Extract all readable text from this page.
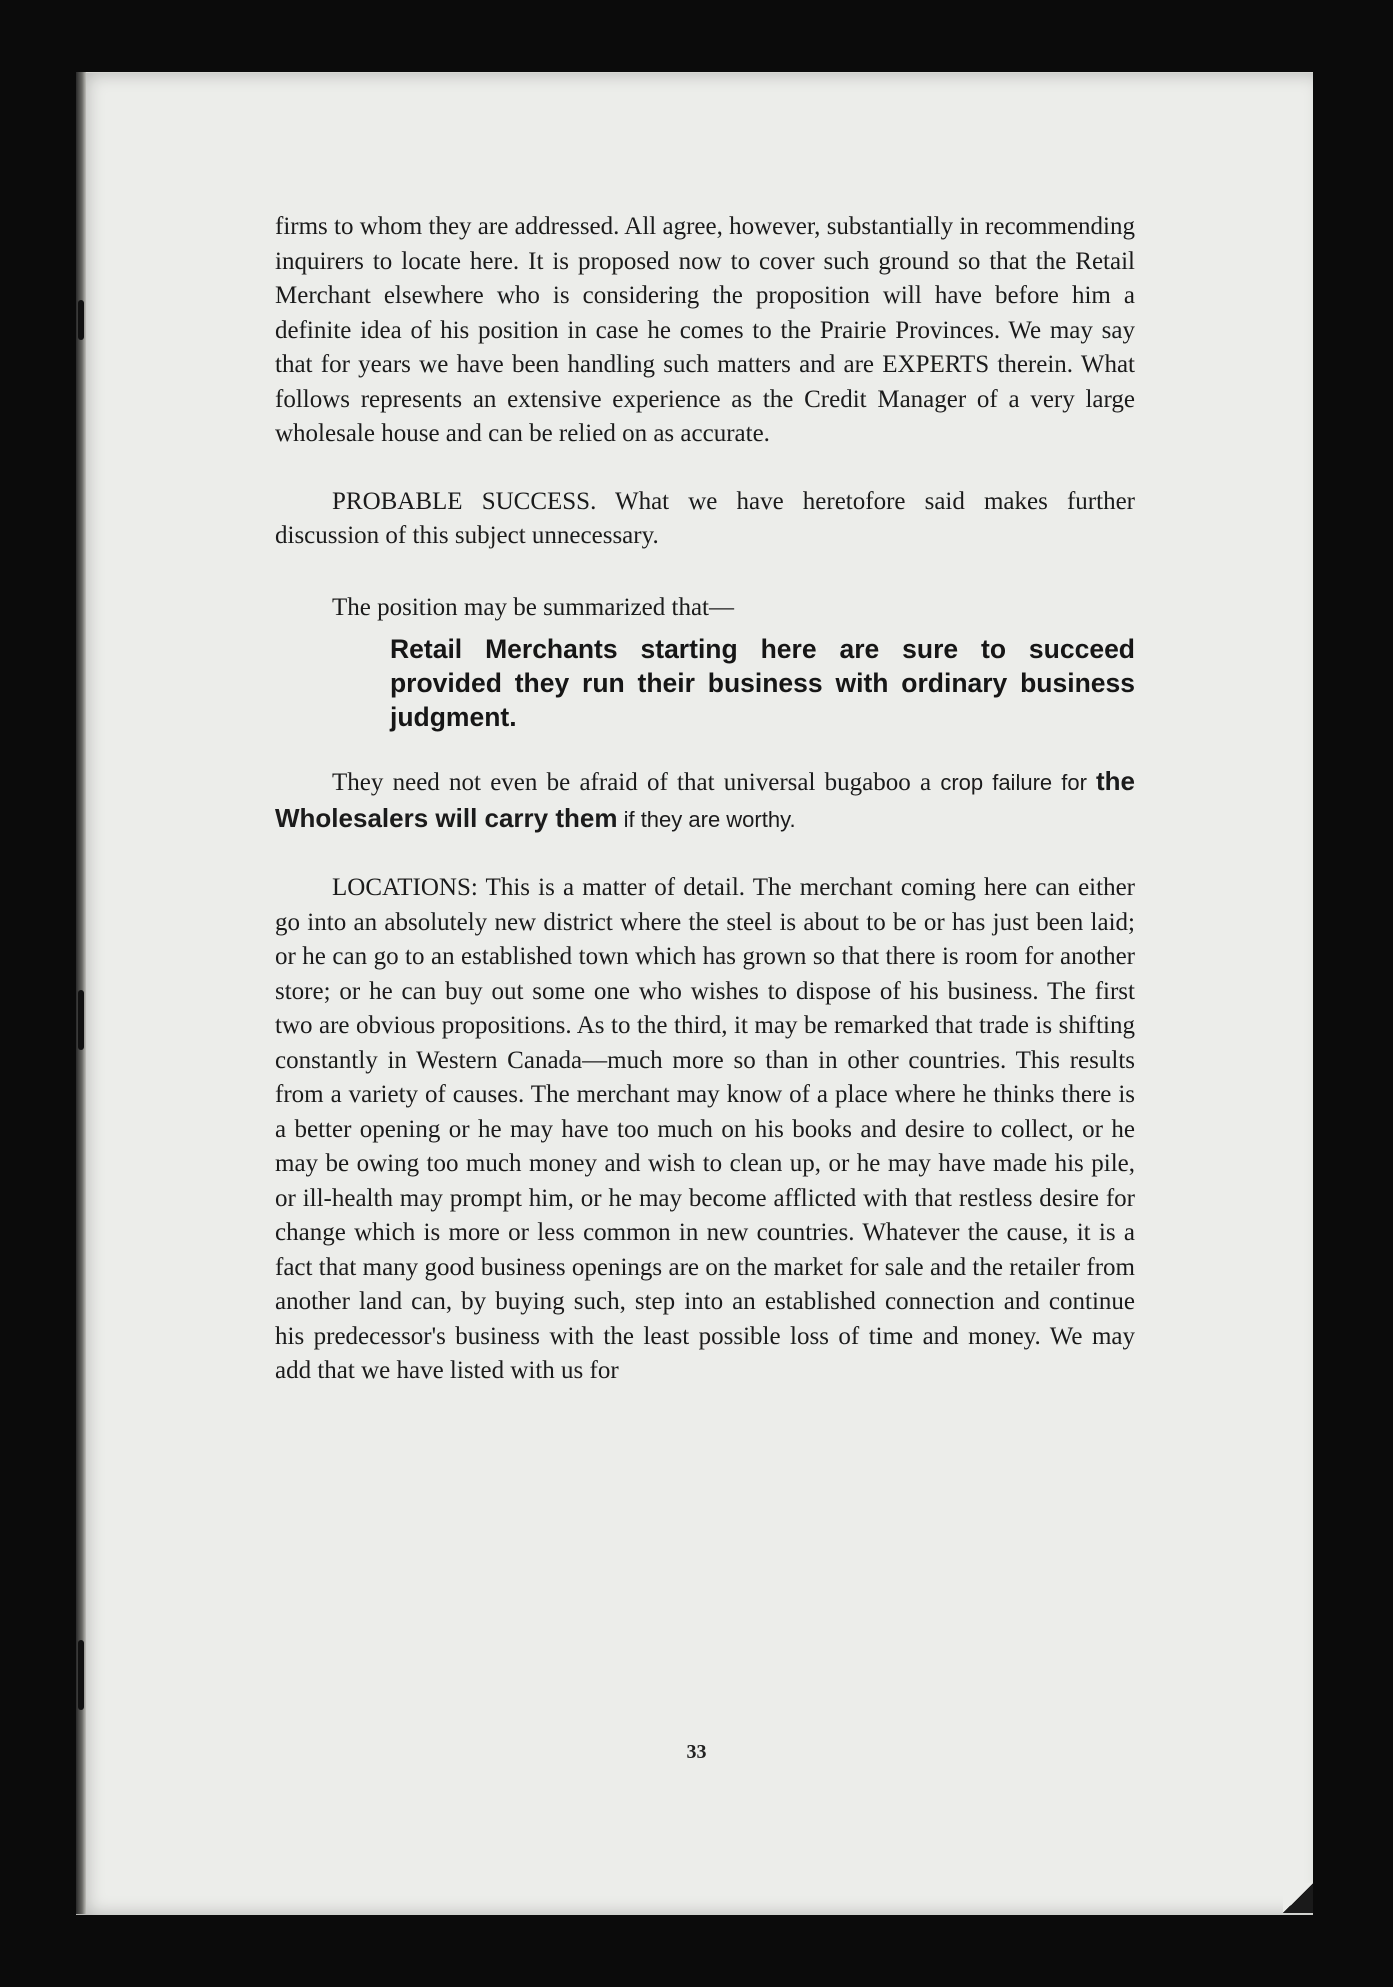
firms to whom they are addressed. All agree, however, substantially in recommending inquirers to locate here. It is proposed now to cover such ground so that the Retail Merchant elsewhere who is considering the proposition will have before him a definite idea of his position in case he comes to the Prairie Provinces. We may say that for years we have been handling such matters and are EXPERTS therein. What follows represents an extensive experience as the Credit Manager of a very large wholesale house and can be relied on as accurate.

PROBABLE SUCCESS. What we have heretofore said makes further discussion of this subject unnecessary.

The position may be summarized that—

Retail Merchants starting here are sure to succeed provided they run their business with ordinary business judgment.

They need not even be afraid of that universal bugaboo a crop failure for the Wholesalers will carry them if they are worthy.

LOCATIONS: This is a matter of detail. The merchant coming here can either go into an absolutely new district where the steel is about to be or has just been laid; or he can go to an established town which has grown so that there is room for another store; or he can buy out some one who wishes to dispose of his business. The first two are obvious propositions. As to the third, it may be remarked that trade is shifting constantly in Western Canada—much more so than in other countries. This results from a variety of causes. The merchant may know of a place where he thinks there is a better opening or he may have too much on his books and desire to collect, or he may be owing too much money and wish to clean up, or he may have made his pile, or ill-health may prompt him, or he may become afflicted with that restless desire for change which is more or less common in new countries. Whatever the cause, it is a fact that many good business openings are on the market for sale and the retailer from another land can, by buying such, step into an established connection and continue his predecessor's business with the least possible loss of time and money. We may add that we have listed with us for

33
